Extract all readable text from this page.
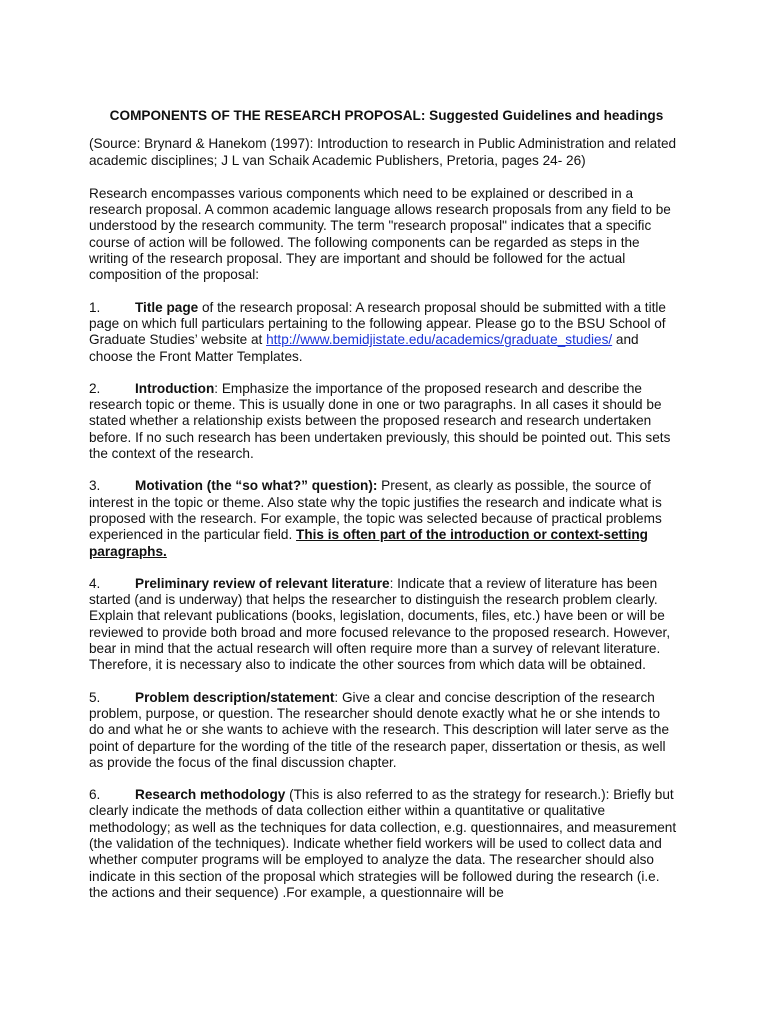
COMPONENTS OF THE RESEARCH PROPOSAL: Suggested Guidelines and headings
(Source: Brynard & Hanekom (1997): Introduction to research in Public Administration and related academic disciplines; J L van Schaik Academic Publishers, Pretoria, pages 24- 26)
Research encompasses various components which need to be explained or described in a research proposal. A common academic language allows research proposals from any field to be understood by the research community. The term "research proposal" indicates that a specific course of action will be followed. The following components can be regarded as steps in the writing of the research proposal. They are important and should be followed for the actual composition of the proposal:
1.	Title page of the research proposal: A research proposal should be submitted with a title page on which full particulars pertaining to the following appear. Please go to the BSU School of Graduate Studies’ website at http://www.bemidjistate.edu/academics/graduate_studies/ and choose the Front Matter Templates.
2.	Introduction: Emphasize the importance of the proposed research and describe the research topic or theme. This is usually done in one or two paragraphs. In all cases it should be stated whether a relationship exists between the proposed research and research undertaken before. If no such research has been undertaken previously, this should be pointed out. This sets the context of the research.
3.	Motivation (the “so what?” question): Present, as clearly as possible, the source of interest in the topic or theme. Also state why the topic justifies the research and indicate what is proposed with the research. For example, the topic was selected because of practical problems experienced in the particular field. This is often part of the introduction or context-setting paragraphs.
4.	Preliminary review of relevant literature: Indicate that a review of literature has been started (and is underway) that helps the researcher to distinguish the research problem clearly. Explain that relevant publications (books, legislation, documents, files, etc.) have been or will be reviewed to provide both broad and more focused relevance to the proposed research. However, bear in mind that the actual research will often require more than a survey of relevant literature. Therefore, it is necessary also to indicate the other sources from which data will be obtained.
5.	Problem description/statement: Give a clear and concise description of the research problem, purpose, or question. The researcher should denote exactly what he or she intends to do and what he or she wants to achieve with the research. This description will later serve as the point of departure for the wording of the title of the research paper, dissertation or thesis, as well as provide the focus of the final discussion chapter.
6.	Research methodology (This is also referred to as the strategy for research.): Briefly but clearly indicate the methods of data collection either within a quantitative or qualitative methodology; as well as the techniques for data collection, e.g. questionnaires, and measurement (the validation of the techniques). Indicate whether field workers will be used to collect data and whether computer programs will be employed to analyze the data. The researcher should also indicate in this section of the proposal which strategies will be followed during the research (i.e. the actions and their sequence) .For example, a questionnaire will be
